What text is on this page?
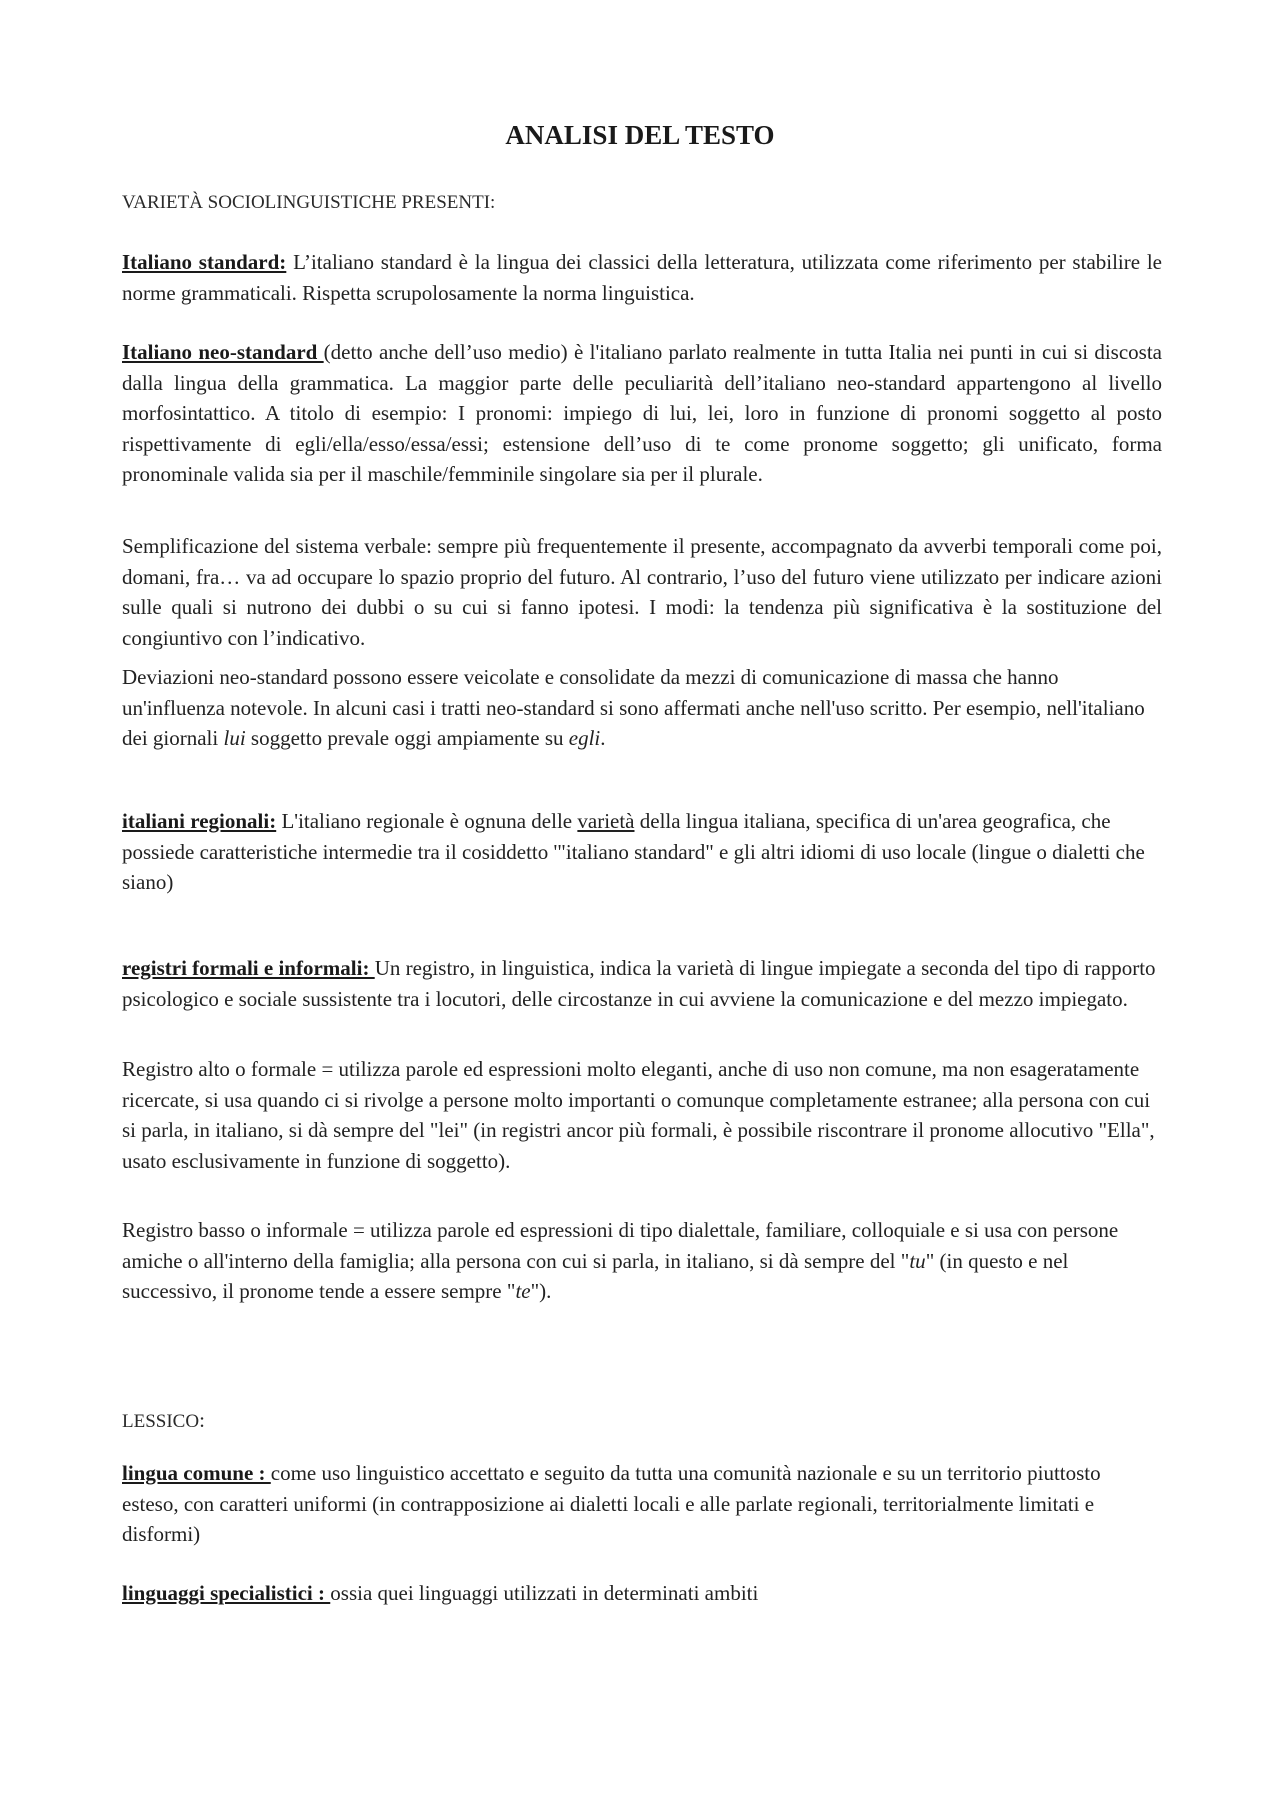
ANALISI DEL TESTO
VARIETÀ SOCIOLINGUISTICHE PRESENTI:

Italiano standard: L’italiano standard è la lingua dei classici della letteratura, utilizzata come riferimento per stabilire le norme grammaticali. Rispetta scrupolosamente la norma linguistica.

Italiano neo-standard (detto anche dell’uso medio) è l'italiano parlato realmente in tutta Italia nei punti in cui si discosta dalla lingua della grammatica. La maggior parte delle peculiarità dell’italiano neo-standard appartengono al livello morfosintattico. A titolo di esempio: I pronomi: impiego di lui, lei, loro in funzione di pronomi soggetto al posto rispettivamente di egli/ella/esso/essa/essi; estensione dell’uso di te come pronome soggetto; gli unificato, forma pronominale valida sia per il maschile/femminile singolare sia per il plurale.

Semplificazione del sistema verbale: sempre più frequentemente il presente, accompagnato da avverbi temporali come poi, domani, fra… va ad occupare lo spazio proprio del futuro. Al contrario, l’uso del futuro viene utilizzato per indicare azioni sulle quali si nutrono dei dubbi o su cui si fanno ipotesi. I modi: la tendenza più significativa è la sostituzione del congiuntivo con l’indicativo.

Deviazioni neo-standard possono essere veicolate e consolidate da mezzi di comunicazione di massa che hanno un'influenza notevole. In alcuni casi i tratti neo-standard si sono affermati anche nell'uso scritto. Per esempio, nell'italiano dei giornali lui soggetto prevale oggi ampiamente su egli.

italiani regionali: L'italiano regionale è ognuna delle varietà della lingua italiana, specifica di un'area geografica, che possiede caratteristiche intermedie tra il cosiddetto '"italiano standard" e gli altri idiomi di uso locale (lingue o dialetti che siano)

registri formali e informali: Un registro, in linguistica, indica la varietà di lingue impiegate a seconda del tipo di rapporto psicologico e sociale sussistente tra i locutori, delle circostanze in cui avviene la comunicazione e del mezzo impiegato.

Registro alto o formale = utilizza parole ed espressioni molto eleganti, anche di uso non comune, ma non esageratamente ricercate, si usa quando ci si rivolge a persone molto importanti o comunque completamente estranee; alla persona con cui si parla, in italiano, si dà sempre del "lei" (in registri ancor più formali, è possibile riscontrare il pronome allocutivo "Ella", usato esclusivamente in funzione di soggetto).

Registro basso o informale = utilizza parole ed espressioni di tipo dialettale, familiare, colloquiale e si usa con persone amiche o all'interno della famiglia; alla persona con cui si parla, in italiano, si dà sempre del "tu" (in questo e nel successivo, il pronome tende a essere sempre "te").

LESSICO:

lingua comune : come uso linguistico accettato e seguito da tutta una comunità nazionale e su un territorio piuttosto esteso, con caratteri uniformi (in contrapposizione ai dialetti locali e alle parlate regionali, territorialmente limitati e disformi)

linguaggi specialistici : ossia quei linguaggi utilizzati in determinati ambiti
